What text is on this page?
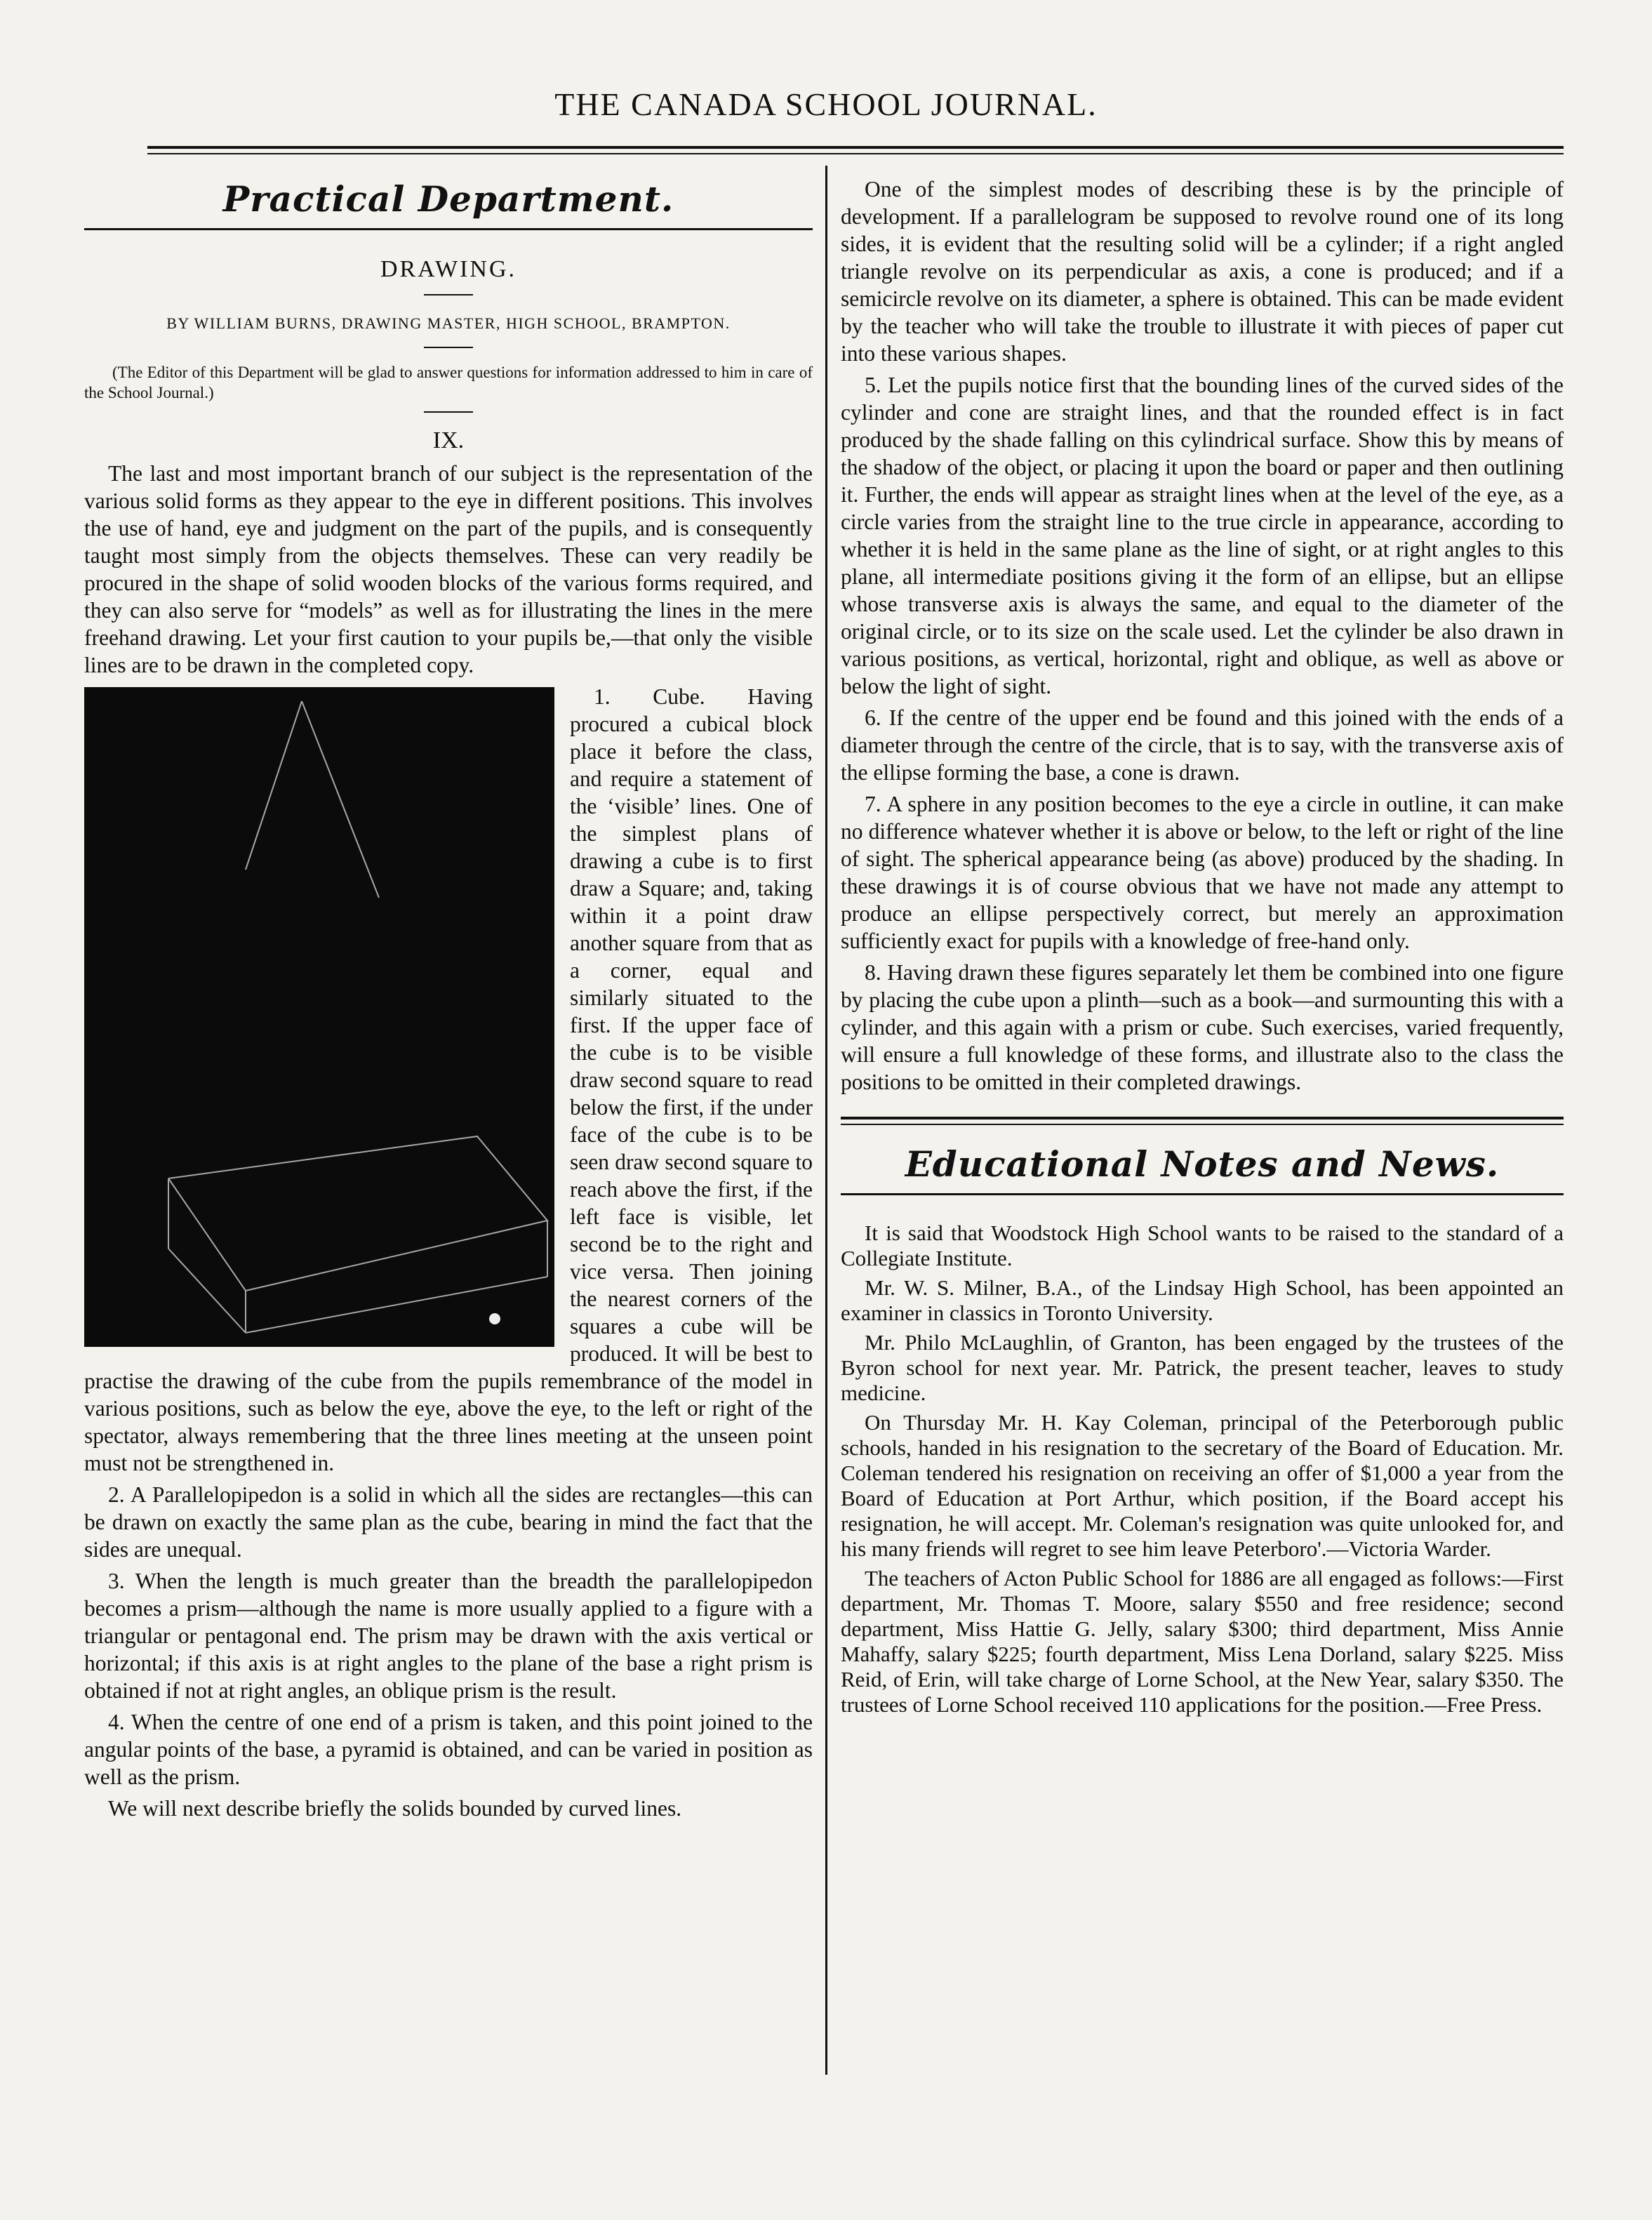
THE CANADA SCHOOL JOURNAL.
Practical Department.
DRAWING.
BY WILLIAM BURNS, DRAWING MASTER, HIGH SCHOOL, BRAMPTON.
(The Editor of this Department will be glad to answer questions for information addressed to him in care of the School Journal.)
IX.

The last and most important branch of our subject is the representation of the various solid forms as they appear to the eye in different positions. This involves the use of hand, eye and judgment on the part of the pupils, and is consequently taught most simply from the objects themselves. These can very readily be procured in the shape of solid wooden blocks of the various forms required, and they can also serve for “models” as well as for illustrating the lines in the mere freehand drawing. Let your first caution to your pupils be,—that only the visible lines are to be drawn in the completed copy.

1. Cube. Having procured a cubical block place it before the class, and require a statement of the ‘visible’ lines. One of the simplest plans of drawing a cube is to first draw a Square; and, taking within it a point draw another square from that as a corner, equal and similarly situated to the first. If the upper face of the cube is to be visible draw second square to read below the first, if the under face of the cube is to be seen draw second square to reach above the first, if the left face is visible, let second be to the right and vice versa. Then joining the nearest corners of the squares a cube will be produced. It will be best to practise the drawing of the cube from the pupils remembrance of the model in various positions, such as below the eye, above the eye, to the left or right of the spectator, always remembering that the three lines meeting at the unseen point must not be strengthened in.

2. A Parallelopipedon is a solid in which all the sides are rectangles—this can be drawn on exactly the same plan as the cube, bearing in mind the fact that the sides are unequal.

3. When the length is much greater than the breadth the parallelopipedon becomes a prism—although the name is more usually applied to a figure with a triangular or pentagonal end. The prism may be drawn with the axis vertical or horizontal; if this axis is at right angles to the plane of the base a right prism is obtained if not at right angles, an oblique prism is the result.

4. When the centre of one end of a prism is taken, and this point joined to the angular points of the base, a pyramid is obtained, and can be varied in position as well as the prism.

We will next describe briefly the solids bounded by curved lines.

One of the simplest modes of describing these is by the principle of development. If a parallelogram be supposed to revolve round one of its long sides, it is evident that the resulting solid will be a cylinder; if a right angled triangle revolve on its perpendicular as axis, a cone is produced; and if a semicircle revolve on its diameter, a sphere is obtained. This can be made evident by the teacher who will take the trouble to illustrate it with pieces of paper cut into these various shapes.

5. Let the pupils notice first that the bounding lines of the curved sides of the cylinder and cone are straight lines, and that the rounded effect is in fact produced by the shade falling on this cylindrical surface. Show this by means of the shadow of the object, or placing it upon the board or paper and then outlining it. Further, the ends will appear as straight lines when at the level of the eye, as a circle varies from the straight line to the true circle in appearance, according to whether it is held in the same plane as the line of sight, or at right angles to this plane, all intermediate positions giving it the form of an ellipse, but an ellipse whose transverse axis is always the same, and equal to the diameter of the original circle, or to its size on the scale used. Let the cylinder be also drawn in various positions, as vertical, horizontal, right and oblique, as well as above or below the light of sight.

6. If the centre of the upper end be found and this joined with the ends of a diameter through the centre of the circle, that is to say, with the transverse axis of the ellipse forming the base, a cone is drawn.

7. A sphere in any position becomes to the eye a circle in outline, it can make no difference whatever whether it is above or below, to the left or right of the line of sight. The spherical appearance being (as above) produced by the shading. In these drawings it is of course obvious that we have not made any attempt to produce an ellipse perspectively correct, but merely an approximation sufficiently exact for pupils with a knowledge of free-hand only.

8. Having drawn these figures separately let them be combined into one figure by placing the cube upon a plinth—such as a book—and surmounting this with a cylinder, and this again with a prism or cube. Such exercises, varied frequently, will ensure a full knowledge of these forms, and illustrate also to the class the positions to be omitted in their completed drawings.

Educational Notes and News.

It is said that Woodstock High School wants to be raised to the standard of a Collegiate Institute.

Mr. W. S. Milner, B.A., of the Lindsay High School, has been appointed an examiner in classics in Toronto University.

Mr. Philo McLaughlin, of Granton, has been engaged by the trustees of the Byron school for next year. Mr. Patrick, the present teacher, leaves to study medicine.

On Thursday Mr. H. Kay Coleman, principal of the Peterborough public schools, handed in his resignation to the secretary of the Board of Education. Mr. Coleman tendered his resignation on receiving an offer of $1,000 a year from the Board of Education at Port Arthur, which position, if the Board accept his resignation, he will accept. Mr. Coleman's resignation was quite unlooked for, and his many friends will regret to see him leave Peterboro'.—Victoria Warder.

The teachers of Acton Public School for 1886 are all engaged as follows:—First department, Mr. Thomas T. Moore, salary $550 and free residence; second department, Miss Hattie G. Jelly, salary $300; third department, Miss Annie Mahaffy, salary $225; fourth department, Miss Lena Dorland, salary $225. Miss Reid, of Erin, will take charge of Lorne School, at the New Year, salary $350. The trustees of Lorne School received 110 applications for the position.—Free Press.
